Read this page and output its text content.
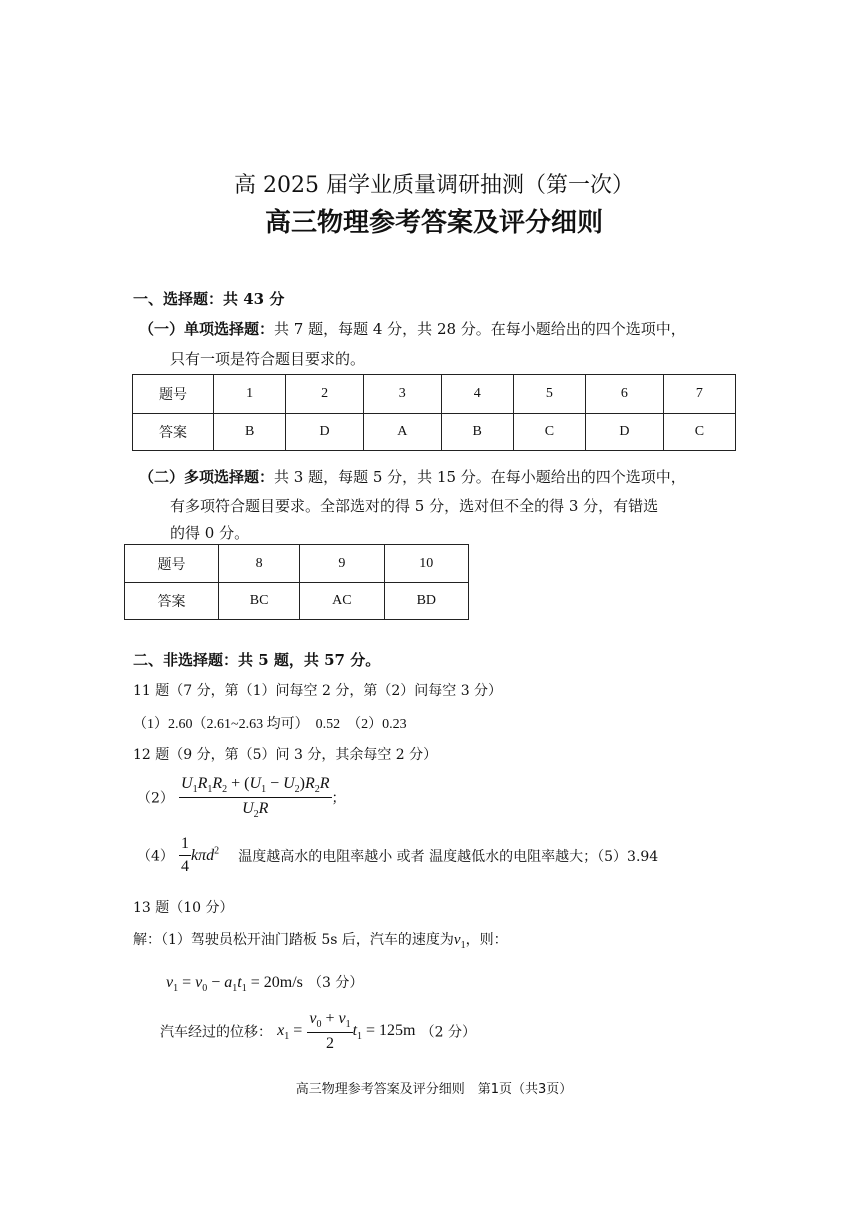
高 2025 届学业质量调研抽测（第一次）
高三物理参考答案及评分细则
一、选择题：共 43 分
（一）单项选择题：共 7 题，每题 4 分，共 28 分。在每小题给出的四个选项中，
只有一项是符合题目要求的。
题号	1	2	3	4	5	6	7
答案	B	D	A	B	C	D	C
（二）多项选择题：共 3 题，每题 5 分，共 15 分。在每小题给出的四个选项中，
有多项符合题目要求。全部选对的得 5 分，选对但不全的得 3 分，有错选
的得 0 分。
题号	8	9	10
答案	BC	AC	BD
二、非选择题：共 5 题，共 57 分。
11 题（7 分，第（1）问每空 2 分，第（2）问每空 3 分）
（1）2.60（2.61~2.63 均可）　0.52　（2）0.23
12 题（9 分，第（5）问 3 分，其余每空 2 分）
$(2) \frac{U_1R_1R_2 + (U_1 - U_2)R_2R}{U_2R}$ ；
$(4) \frac{1}{4} k\pi d^2$ 温度越高水的电阻率越小 或者 温度越低水的电阻率越大；（5）3.94
13 题（10 分）
解：（1）驾驶员松开油门踏板 5s 后，汽车的速度为$v_1$，则：
$v_1 = v_0 - a_1t_1 = 20m/s$ （3 分）
汽车经过的位移： $x_1 = \frac{v_0 + v_1}{2} t_1 = 125m$ （2 分）
高三物理参考答案及评分细则　第1页（共3页）
